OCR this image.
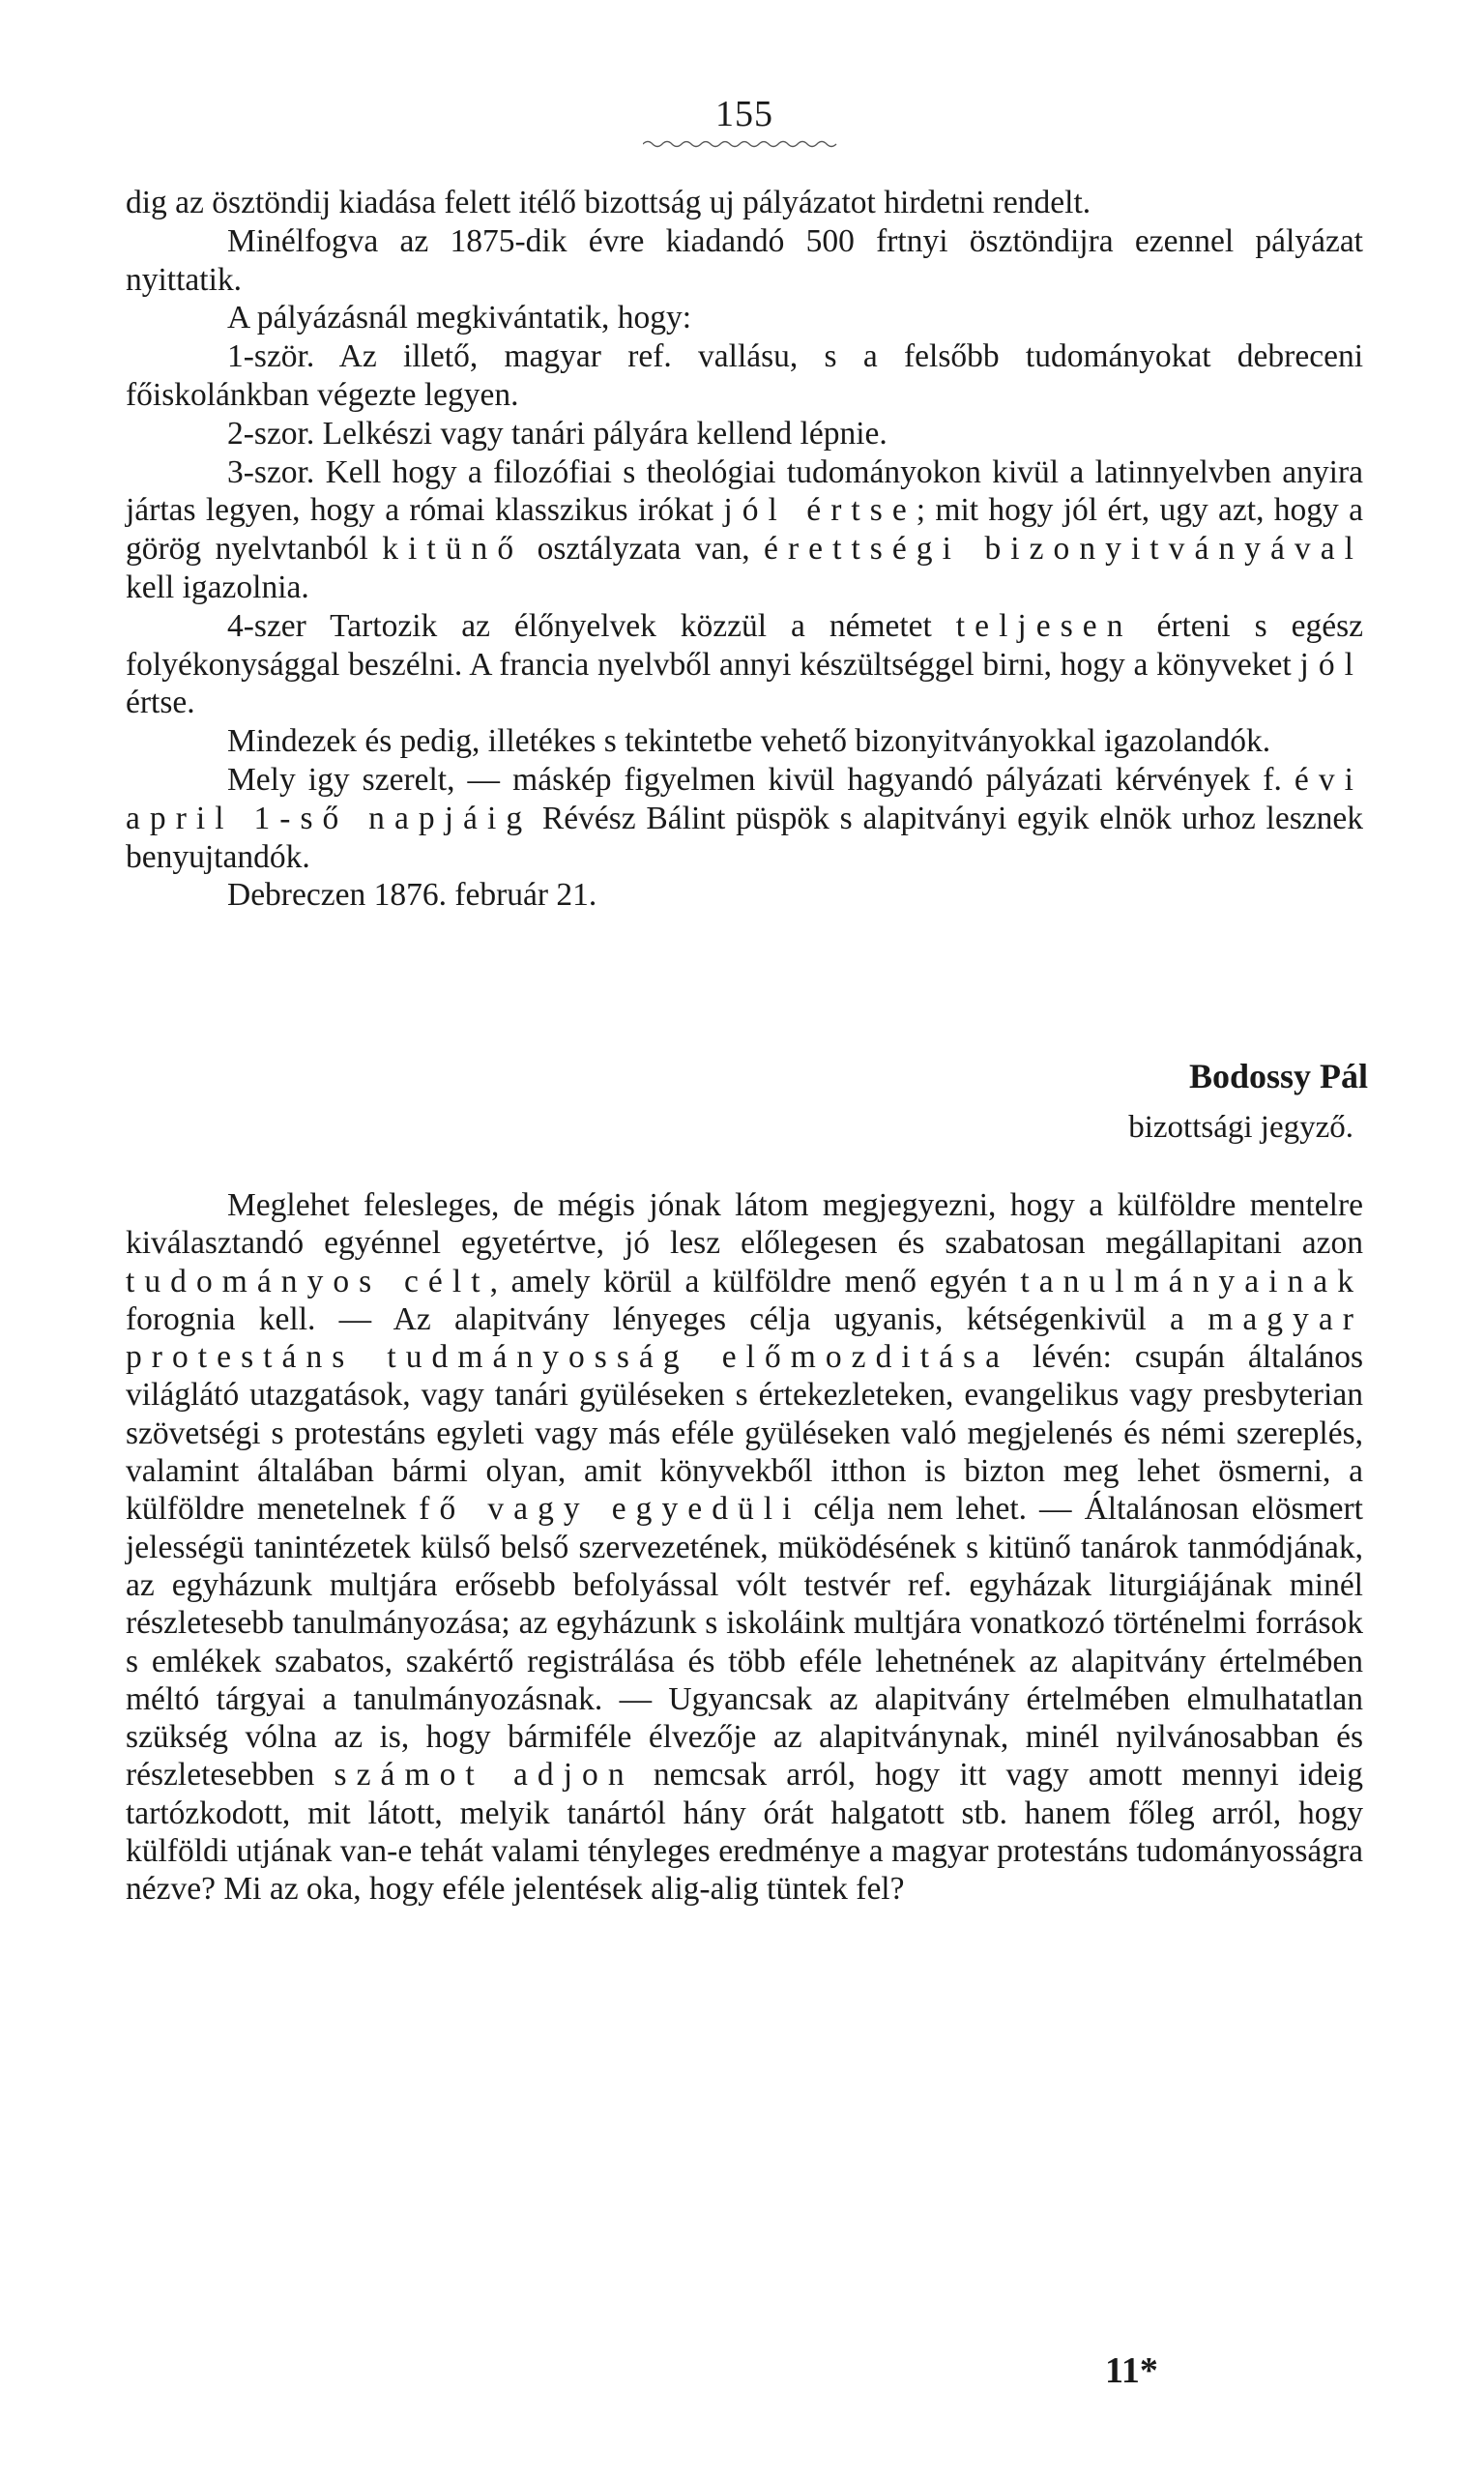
155

dig az ösztöndij kiadása felett itélő bizottság uj pályázatot hirdetni rendelt.

Minélfogva az 1875-dik évre kiadandó 500 frtnyi ösztöndijra ezennel pályázat nyittatik.

A pályázásnál megkivántatik, hogy:

1-ször. Az illető, magyar ref. vallásu, s a felsőbb tudományokat debreceni főiskolánkban végezte legyen.

2-szor. Lelkészi vagy tanári pályára kellend lépnie.

3-szor. Kell hogy a filozófiai s theológiai tudományokon kivül a latinnyelvben anyira jártas legyen, hogy a római klasszikus irókat jól értse; mit hogy jól ért, ugy azt, hogy a görög nyelvtanból kitünő osztályzata van, érettségi bizonyitványával kell igazolnia.

4-szer Tartozik az élőnyelvek közzül a németet teljesen érteni s egész folyékonysággal beszélni. A francia nyelvből annyi készültséggel birni, hogy a könyveket jól értse.

Mindezek és pedig, illetékes s tekintetbe vehető bizonyitványokkal igazolandók.

Mely igy szerelt, — máskép figyelmen kivül hagyandó pályázati kérvények f. évi april 1-ső napjáig Révész Bálint püspök s alapitványi egyik elnök urhoz lesznek benyujtandók.

Debreczen 1876. február 21.

Bodossy Pál
bizottsági jegyző.

Meglehet felesleges, de mégis jónak látom megjegyezni, hogy a külföldre mentelre kiválasztandó egyénnel egyetértve, jó lesz előlegesen és szabatosan megállapitani azon tudományos célt, amely körül a külföldre menő egyén tanulmányainak forognia kell. — Az alapitvány lényeges célja ugyanis, kétségenkivül a magyar protestáns tudmányosság előmozditása lévén: csupán általános világlátó utazgatások, vagy tanári gyüléseken s értekezleteken, evangelikus vagy presbyterian szövetségi s protestáns egyleti vagy más eféle gyüléseken való megjelenés és némi szereplés, valamint általában bármi olyan, amit könyvekből itthon is bizton meg lehet ösmerni, a külföldre menetelnek fő vagy egyedüli célja nem lehet. — Általánosan elösmert jelességü tanintézetek külső belső szervezetének, müködésének s kitünő tanárok tanmódjának, az egyházunk multjára erősebb befolyással vólt testvér ref. egyházak liturgiájának minél részletesebb tanulmányozása; az egyházunk s iskoláink multjára vonatkozó történelmi források s emlékek szabatos, szakértő registrálása és több eféle lehetnének az alapitvány értelmében méltó tárgyai a tanulmányozásnak. — Ugyancsak az alapitvány értelmében elmulhatatlan szükség vólna az is, hogy bármiféle élvezője az alapitványnak, minél nyilvánosabban és részletesebben számot adjon nemcsak arról, hogy itt vagy amott mennyi ideig tartózkodott, mit látott, melyik tanártól hány órát halgatott stb. hanem főleg arról, hogy külföldi utjának van-e tehát valami tényleges eredménye a magyar protestáns tudományosságra nézve? Mi az oka, hogy eféle jelentések alig-alig tüntek fel?

11*
